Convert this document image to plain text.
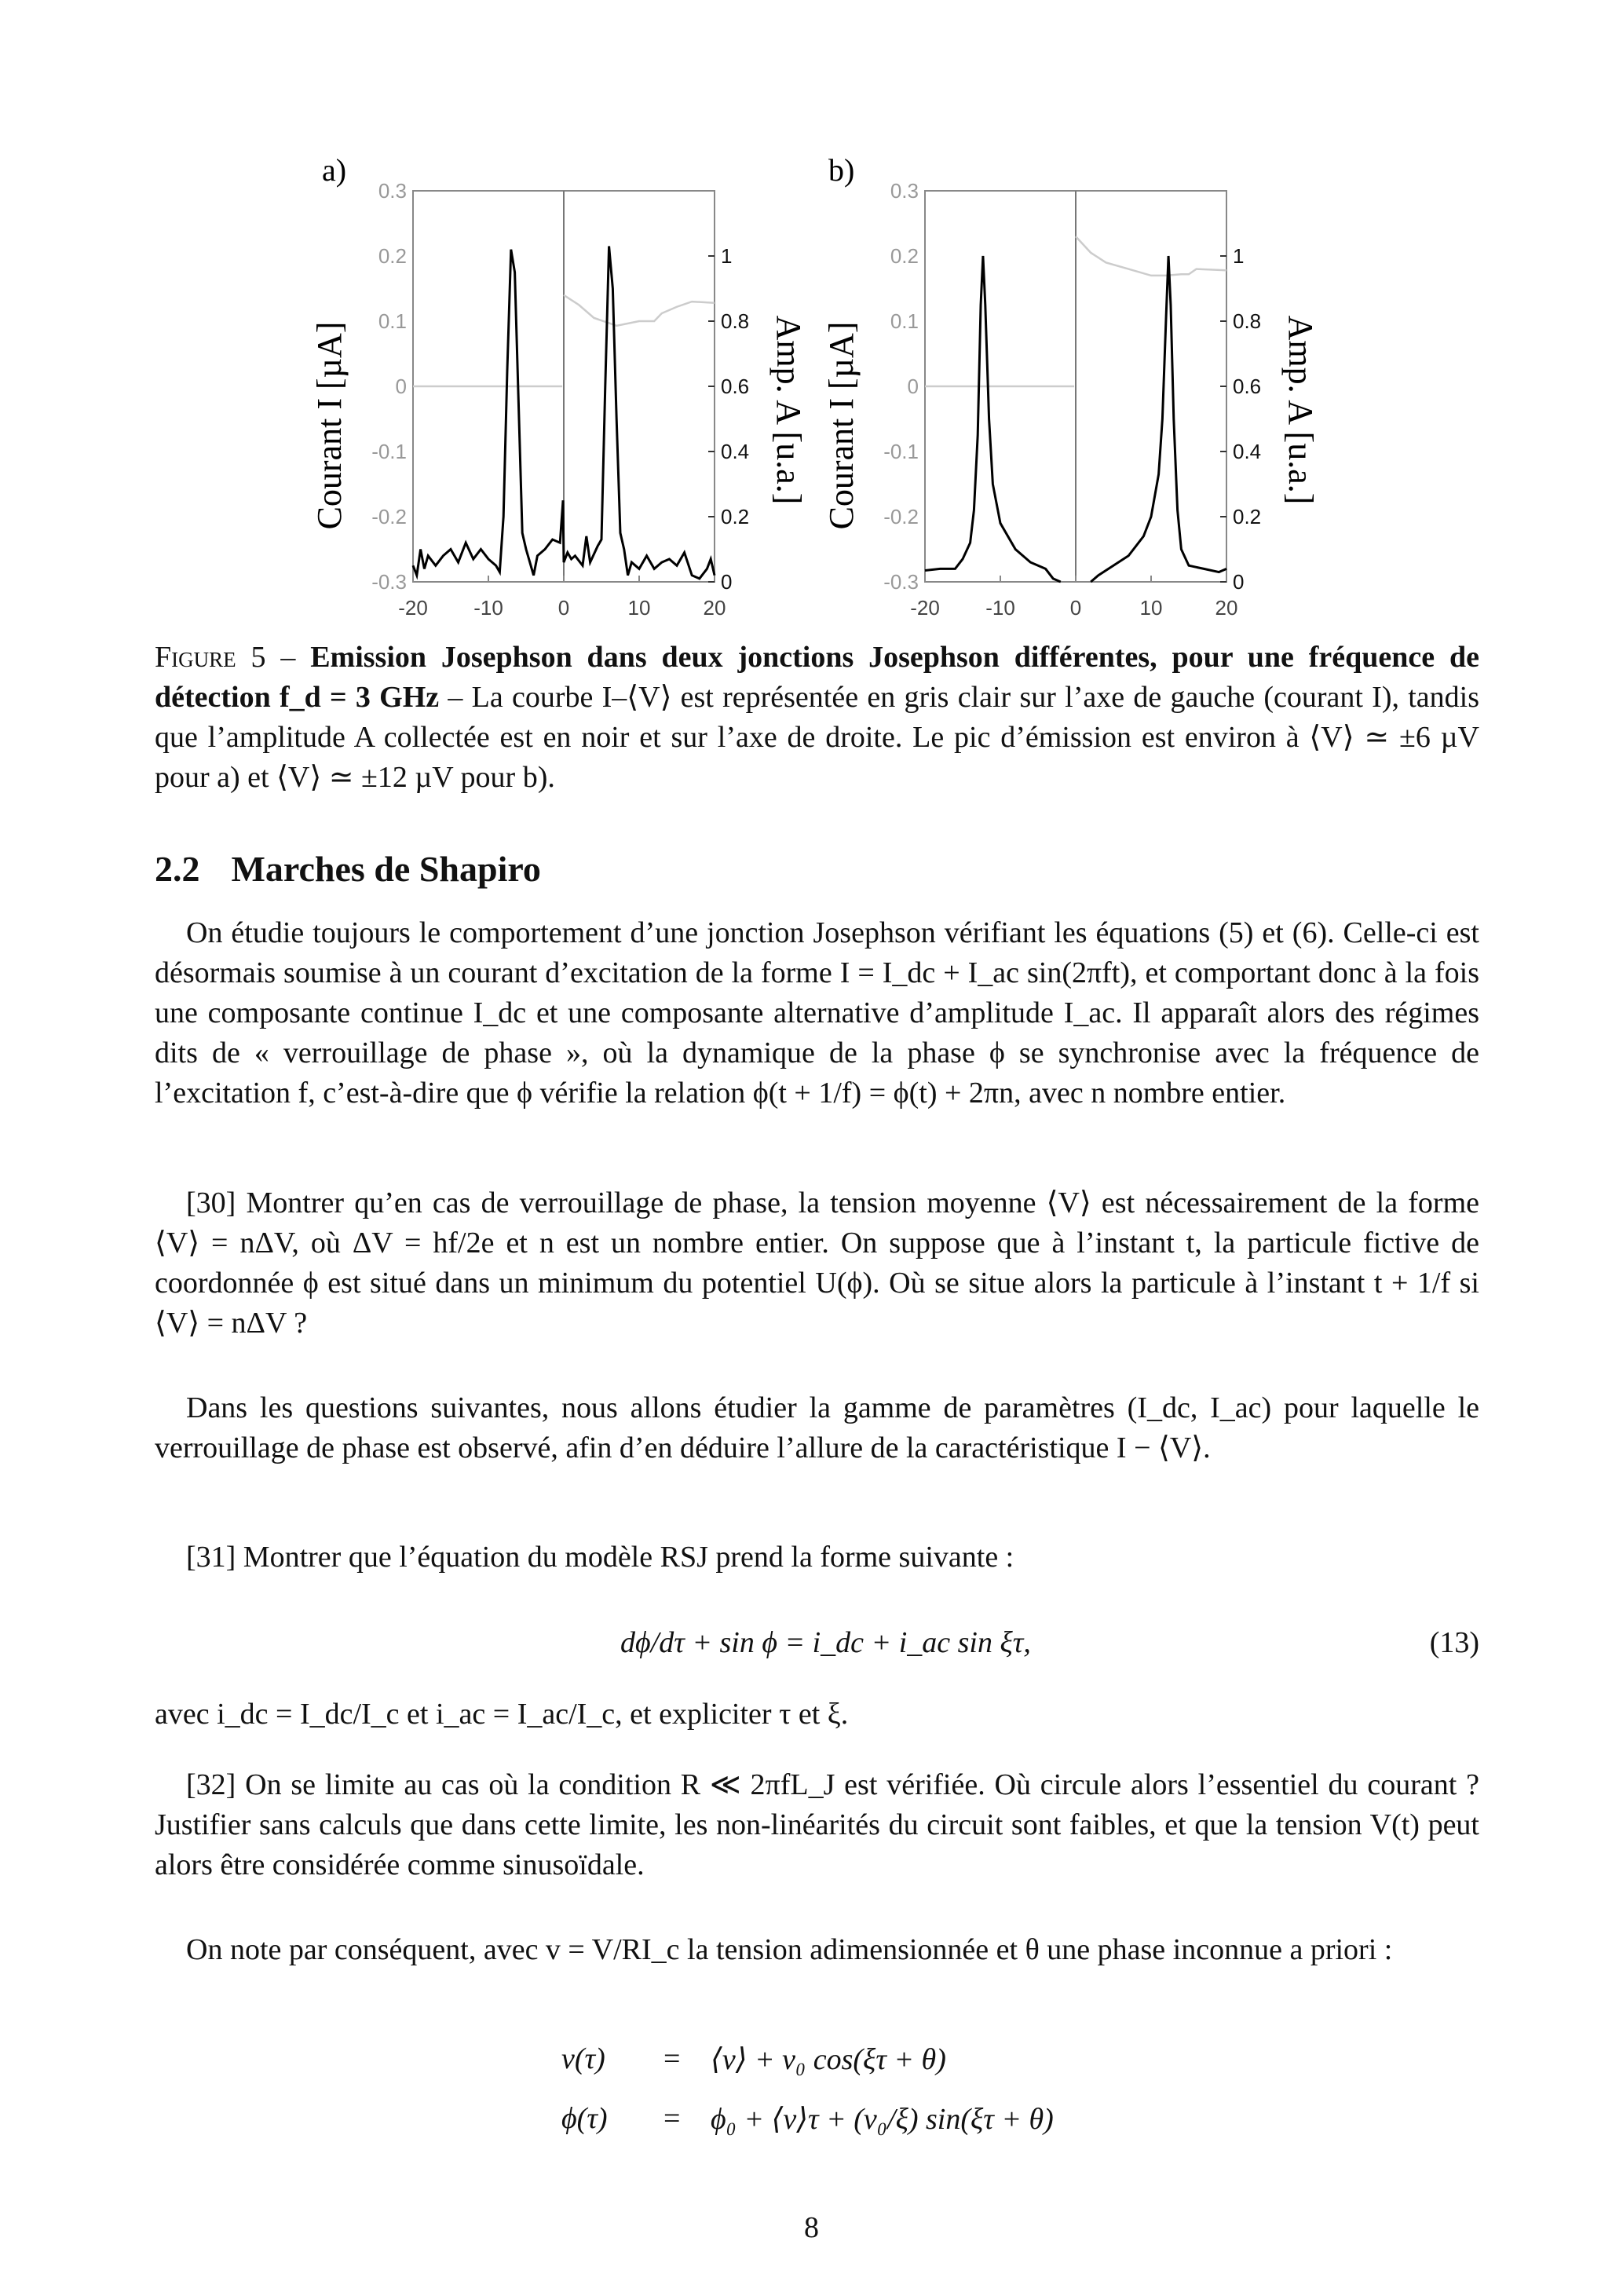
a)
-20 -10	0	10	20
-0.3
-0.2
-0.1
0
0.1
0.2
0.3
0
0.2
0.4
0.6
0.8
1
Courant I [µA]	Amp. A [u.a.]
b)
-20 -10	0	10	20
-0.3
-0.2
-0.1
0
0.1
0.2
0.3
0
0.2
0.4
0.6
0.8
1
Courant I [µA]	Amp. A [u.a.]
Figure 5 – Emission Josephson dans deux jonctions Josephson différentes, pour une fréquence de détection f_d = 3 GHz – La courbe I–⟨V⟩ est représentée en gris clair sur l’axe de gauche (courant I), tandis que l’amplitude A collectée est en noir et sur l’axe de droite. Le pic d’émission est environ à ⟨V⟩ ≃ ±6 µV pour a) et ⟨V⟩ ≃ ±12 µV pour b).
2.2 Marches de Shapiro
On étudie toujours le comportement d’une jonction Josephson vérifiant les équations (5) et (6). Celle-ci est désormais soumise à un courant d’excitation de la forme I = I_dc + I_ac sin(2πft), et comportant donc à la fois une composante continue I_dc et une composante alternative d’amplitude I_ac. Il apparaît alors des régimes dits de « verrouillage de phase », où la dynamique de la phase ϕ se synchronise avec la fréquence de l’excitation f, c’est-à-dire que ϕ vérifie la relation ϕ(t + 1/f) = ϕ(t) + 2πn, avec n nombre entier.
[30] Montrer qu’en cas de verrouillage de phase, la tension moyenne ⟨V⟩ est nécessairement de la forme ⟨V⟩ = nΔV, où ΔV = hf/2e et n est un nombre entier. On suppose que à l’instant t, la particule fictive de coordonnée ϕ est situé dans un minimum du potentiel U(ϕ). Où se situe alors la particule à l’instant t + 1/f si ⟨V⟩ = nΔV ?
Dans les questions suivantes, nous allons étudier la gamme de paramètres (I_dc, I_ac) pour laquelle le verrouillage de phase est observé, afin d’en déduire l’allure de la caractéristique I − ⟨V⟩.
[31] Montrer que l’équation du modèle RSJ prend la forme suivante :
dϕ/dτ + sin ϕ = i_dc + i_ac sin ξτ,	(13)
avec i_dc = I_dc/I_c et i_ac = I_ac/I_c, et expliciter τ et ξ.
[32] On se limite au cas où la condition R ≪ 2πfL_J est vérifiée. Où circule alors l’essentiel du courant ? Justifier sans calculs que dans cette limite, les non-linéarités du circuit sont faibles, et que la tension V(t) peut alors être considérée comme sinusoïdale.
On note par conséquent, avec v = V/RI_c la tension adimensionnée et θ une phase inconnue a priori :
v(τ) = ⟨v⟩ + v₀ cos(ξτ + θ)
ϕ(τ) = ϕ₀ + ⟨v⟩τ + (v₀/ξ) sin(ξτ + θ)
8
